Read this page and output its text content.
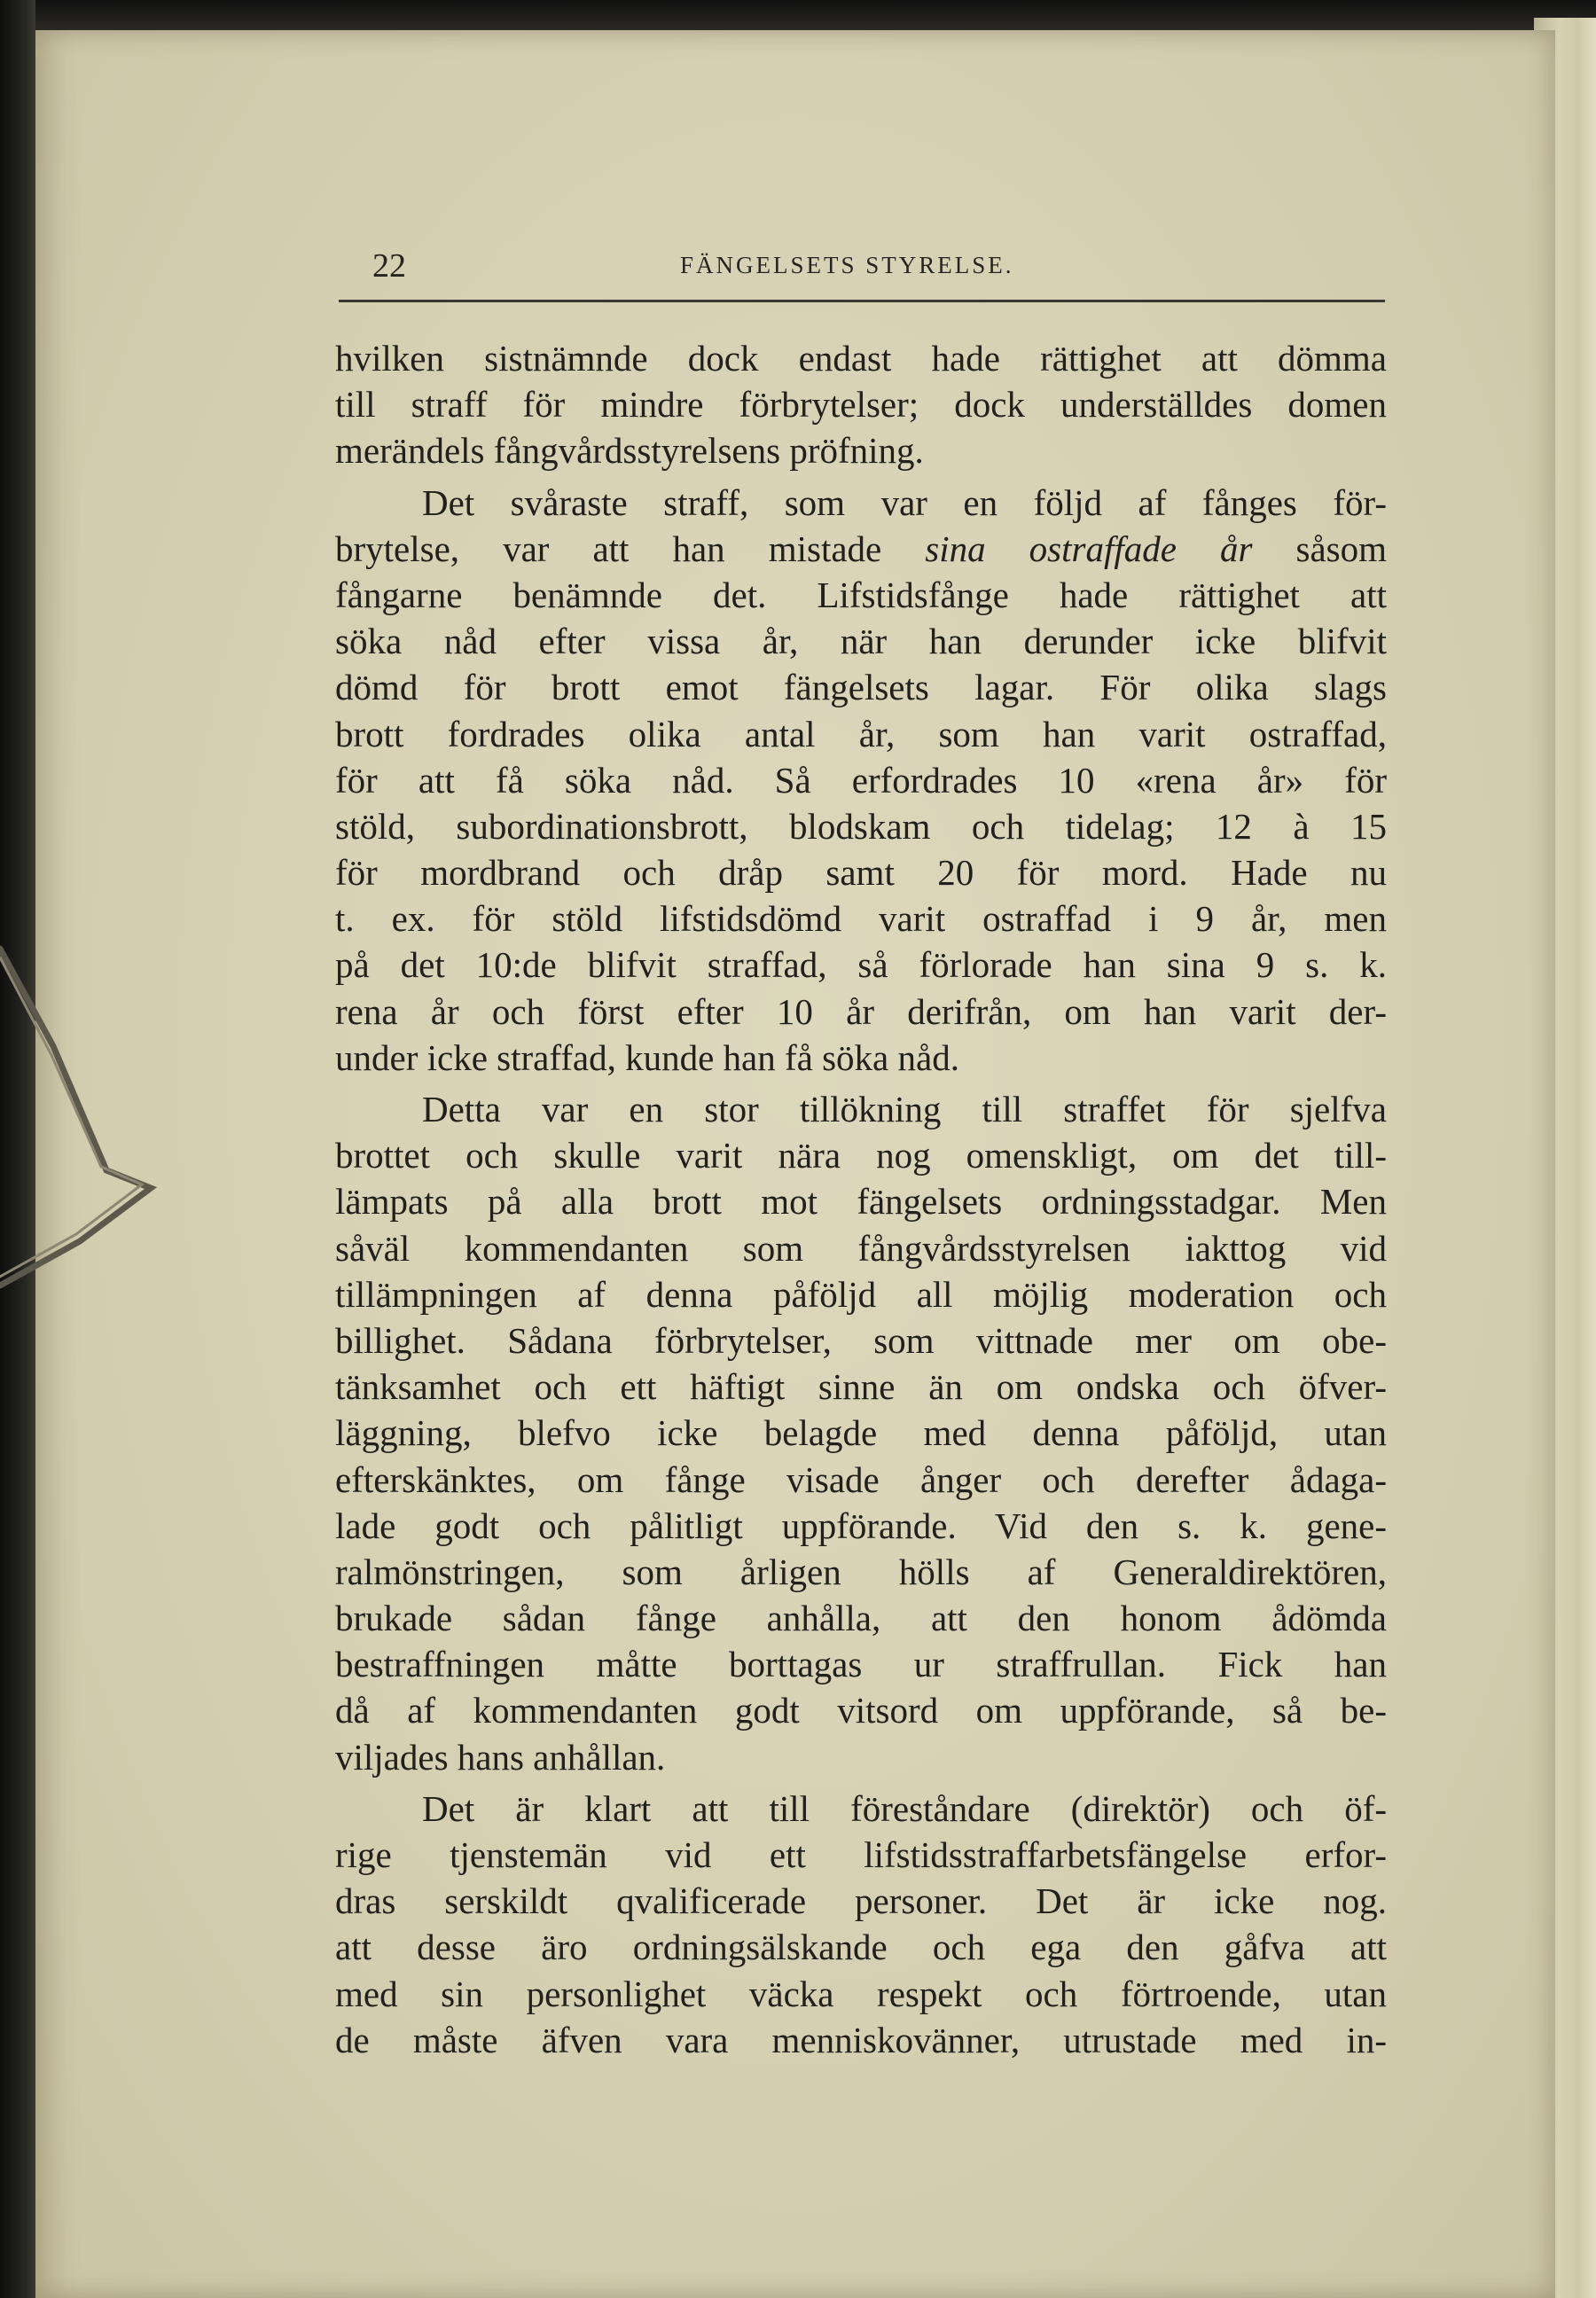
22	FÄNGELSETS STYRELSE.
hvilken sistnämnde dock endast hade rättighet att dömma
till straff för mindre förbrytelser; dock underställdes domen
merändels fångvårdsstyrelsens pröfning.
Det svåraste straff, som var en följd af fånges för-
brytelse, var att han mistade sina ostraffade år såsom
fångarne benämnde det. Lifstidsfånge hade rättighet att
söka nåd efter vissa år, när han derunder icke blifvit
dömd för brott emot fängelsets lagar. För olika slags
brott fordrades olika antal år, som han varit ostraffad,
för att få söka nåd. Så erfordrades 10 «rena år» för
stöld, subordinationsbrott, blodskam och tidelag; 12 à 15
för mordbrand och dråp samt 20 för mord. Hade nu
t. ex. för stöld lifstidsdömd varit ostraffad i 9 år, men
på det 10:de blifvit straffad, så förlorade han sina 9 s. k.
rena år och först efter 10 år derifrån, om han varit der-
under icke straffad, kunde han få söka nåd.
Detta var en stor tillökning till straffet för sjelfva
brottet och skulle varit nära nog omenskligt, om det till-
lämpats på alla brott mot fängelsets ordningsstadgar. Men
såväl kommendanten som fångvårdsstyrelsen iakttog vid
tillämpningen af denna påföljd all möjlig moderation och
billighet. Sådana förbrytelser, som vittnade mer om obe-
tänksamhet och ett häftigt sinne än om ondska och öfver-
läggning, blefvo icke belagde med denna påföljd, utan
efterskänktes, om fånge visade ånger och derefter ådaga-
lade godt och pålitligt uppförande. Vid den s. k. gene-
ralmönstringen, som årligen hölls af Generaldirektören,
brukade sådan fånge anhålla, att den honom ådömda
bestraffningen måtte borttagas ur straffrullan. Fick han
då af kommendanten godt vitsord om uppförande, så be-
viljades hans anhållan.
Det är klart att till föreståndare (direktör) och öf-
rige tjenstemän vid ett lifstidsstraffarbetsfängelse erfor-
dras serskildt qvalificerade personer. Det är icke nog.
att desse äro ordningsälskande och ega den gåfva att
med sin personlighet väcka respekt och förtroende, utan
de måste äfven vara menniskovänner, utrustade med in-
